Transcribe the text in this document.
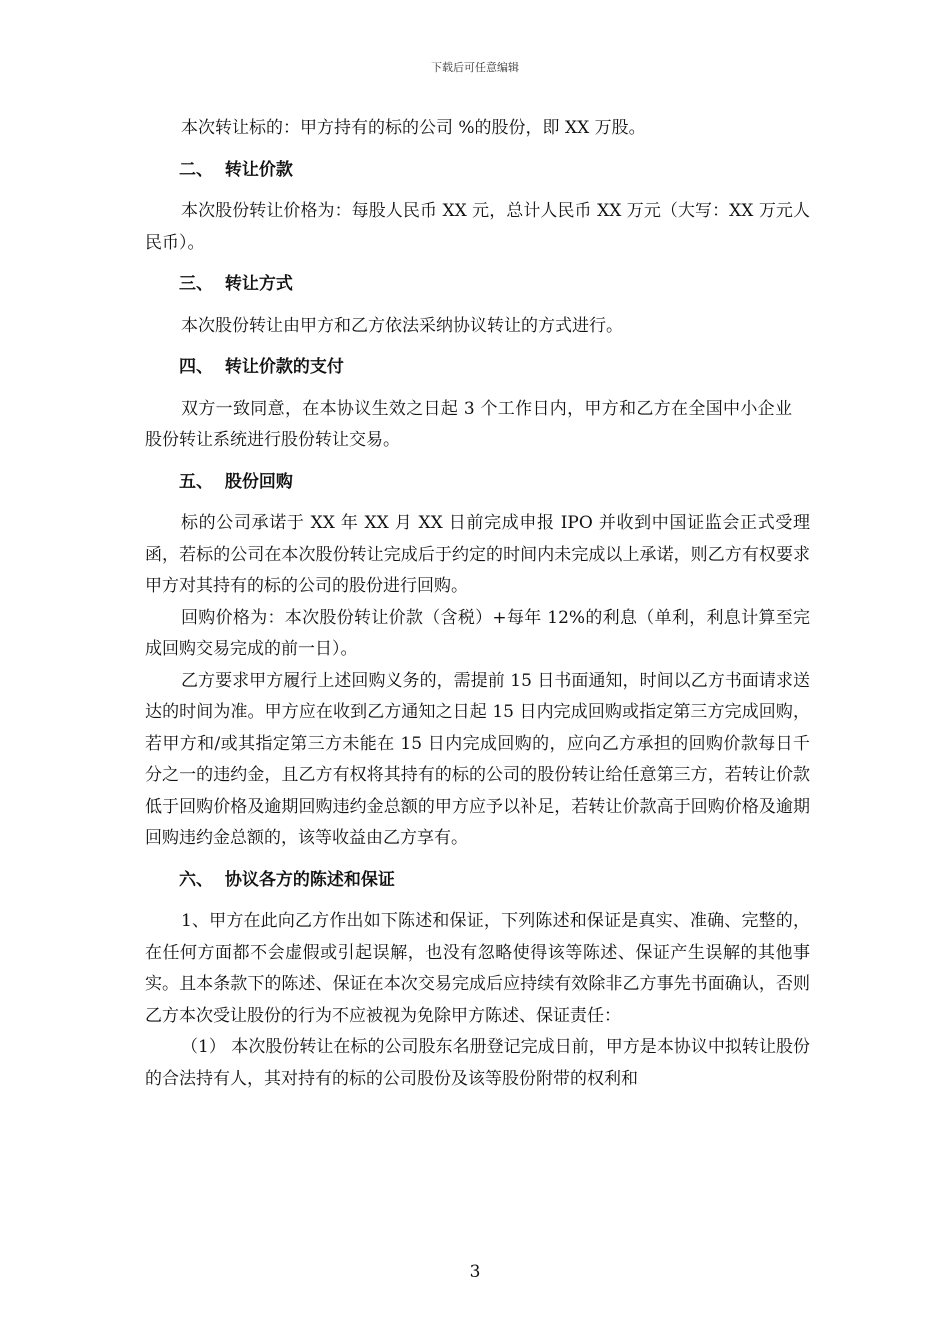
下载后可任意编辑

本次转让标的：甲方持有的标的公司 %的股份，即 XX 万股。

二、  转让价款

本次股份转让价格为：每股人民币 XX 元，总计人民币 XX 万元（大写：XX 万元人民币）。

三、  转让方式

本次股份转让由甲方和乙方依法采纳协议转让的方式进行。

四、  转让价款的支付

双方一致同意，在本协议生效之日起 3 个工作日内，甲方和乙方在全国中小企业股份转让系统进行股份转让交易。

五、  股份回购

标的公司承诺于 XX 年 XX 月 XX 日前完成申报 IPO 并收到中国证监会正式受理函，若标的公司在本次股份转让完成后于约定的时间内未完成以上承诺，则乙方有权要求甲方对其持有的标的公司的股份进行回购。

回购价格为：本次股份转让价款（含税）+每年 12%的利息（单利，利息计算至完成回购交易完成的前一日）。

乙方要求甲方履行上述回购义务的，需提前 15 日书面通知，时间以乙方书面请求送达的时间为准。甲方应在收到乙方通知之日起 15 日内完成回购或指定第三方完成回购，若甲方和/或其指定第三方未能在 15 日内完成回购的，应向乙方承担的回购价款每日千分之一的违约金，且乙方有权将其持有的标的公司的股份转让给任意第三方，若转让价款低于回购价格及逾期回购违约金总额的甲方应予以补足，若转让价款高于回购价格及逾期回购违约金总额的，该等收益由乙方享有。

六、  协议各方的陈述和保证

1、甲方在此向乙方作出如下陈述和保证，下列陈述和保证是真实、准确、完整的，在任何方面都不会虚假或引起误解，也没有忽略使得该等陈述、保证产生误解的其他事实。且本条款下的陈述、保证在本次交易完成后应持续有效除非乙方事先书面确认，否则乙方本次受让股份的行为不应被视为免除甲方陈述、保证责任：

（1） 本次股份转让在标的公司股东名册登记完成日前，甲方是本协议中拟转让股份的合法持有人，其对持有的标的公司股份及该等股份附带的权利和

3
